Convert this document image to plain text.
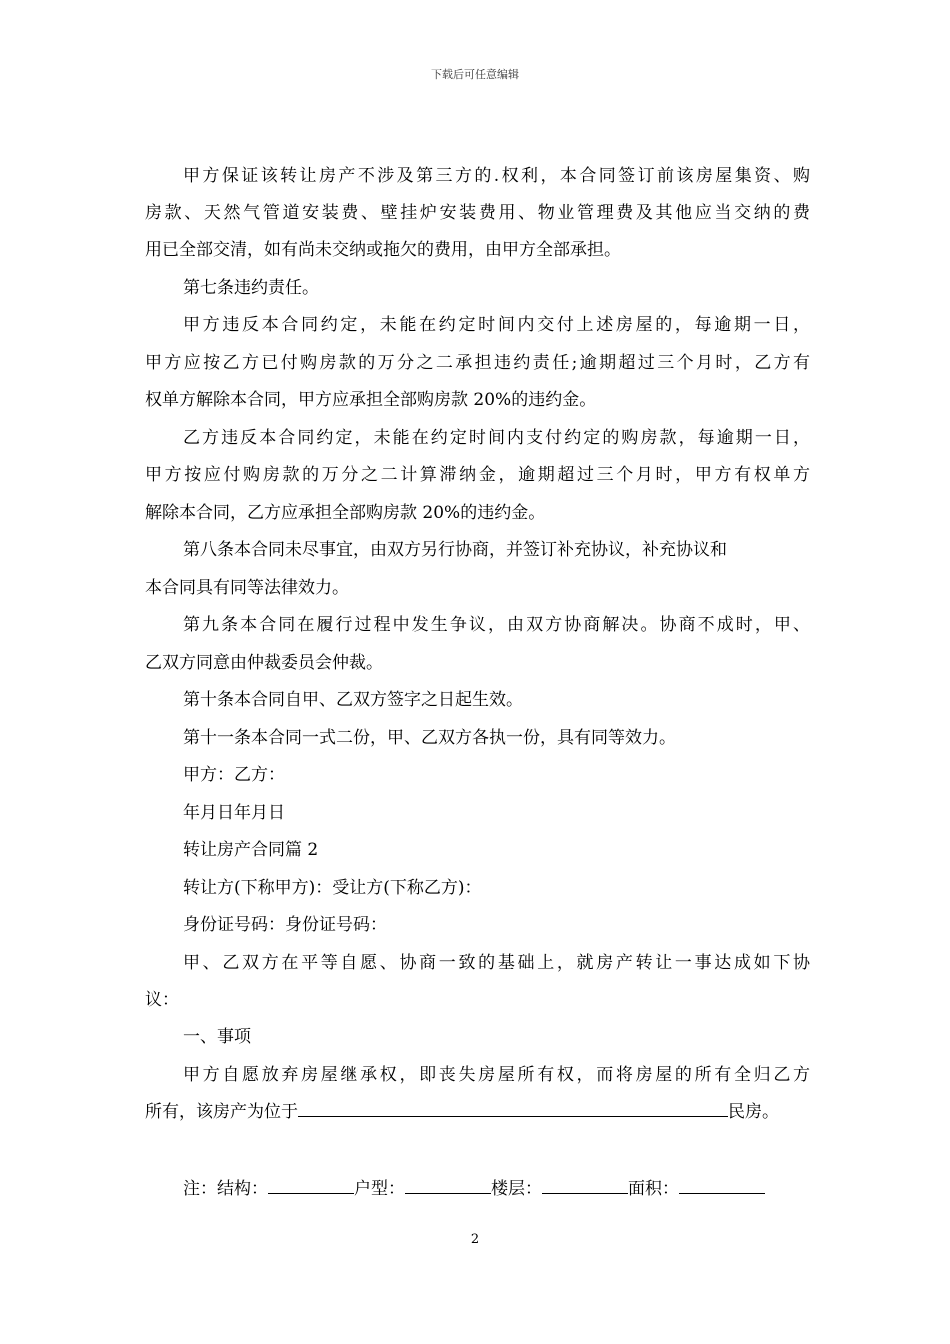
下载后可任意编辑
甲方保证该转让房产不涉及第三方的.权利，本合同签订前该房屋集资、购
房款、天然气管道安装费、壁挂炉安装费用、物业管理费及其他应当交纳的费
用已全部交清，如有尚未交纳或拖欠的费用，由甲方全部承担。
第七条违约责任。
甲方违反本合同约定，未能在约定时间内交付上述房屋的，每逾期一日，
甲方应按乙方已付购房款的万分之二承担违约责任;逾期超过三个月时，乙方有
权单方解除本合同，甲方应承担全部购房款 20%的违约金。
乙方违反本合同约定，未能在约定时间内支付约定的购房款，每逾期一日，
甲方按应付购房款的万分之二计算滞纳金，逾期超过三个月时，甲方有权单方
解除本合同，乙方应承担全部购房款 20%的违约金。
第八条本合同未尽事宜，由双方另行协商，并签订补充协议，补充协议和
本合同具有同等法律效力。
第九条本合同在履行过程中发生争议，由双方协商解决。协商不成时，甲、
乙双方同意由仲裁委员会仲裁。
第十条本合同自甲、乙双方签字之日起生效。
第十一条本合同一式二份，甲、乙双方各执一份，具有同等效力。
甲方：乙方：
年月日年月日
转让房产合同篇 2
转让方(下称甲方)：受让方(下称乙方)：
身份证号码：身份证号码：
甲、乙双方在平等自愿、协商一致的基础上，就房产转让一事达成如下协
议：
一、事项
甲方自愿放弃房屋继承权，即丧失房屋所有权，而将房屋的所有全归乙方
所有，该房产为位于	民房。
注：结构：	户型：	楼层：	面积：
2
